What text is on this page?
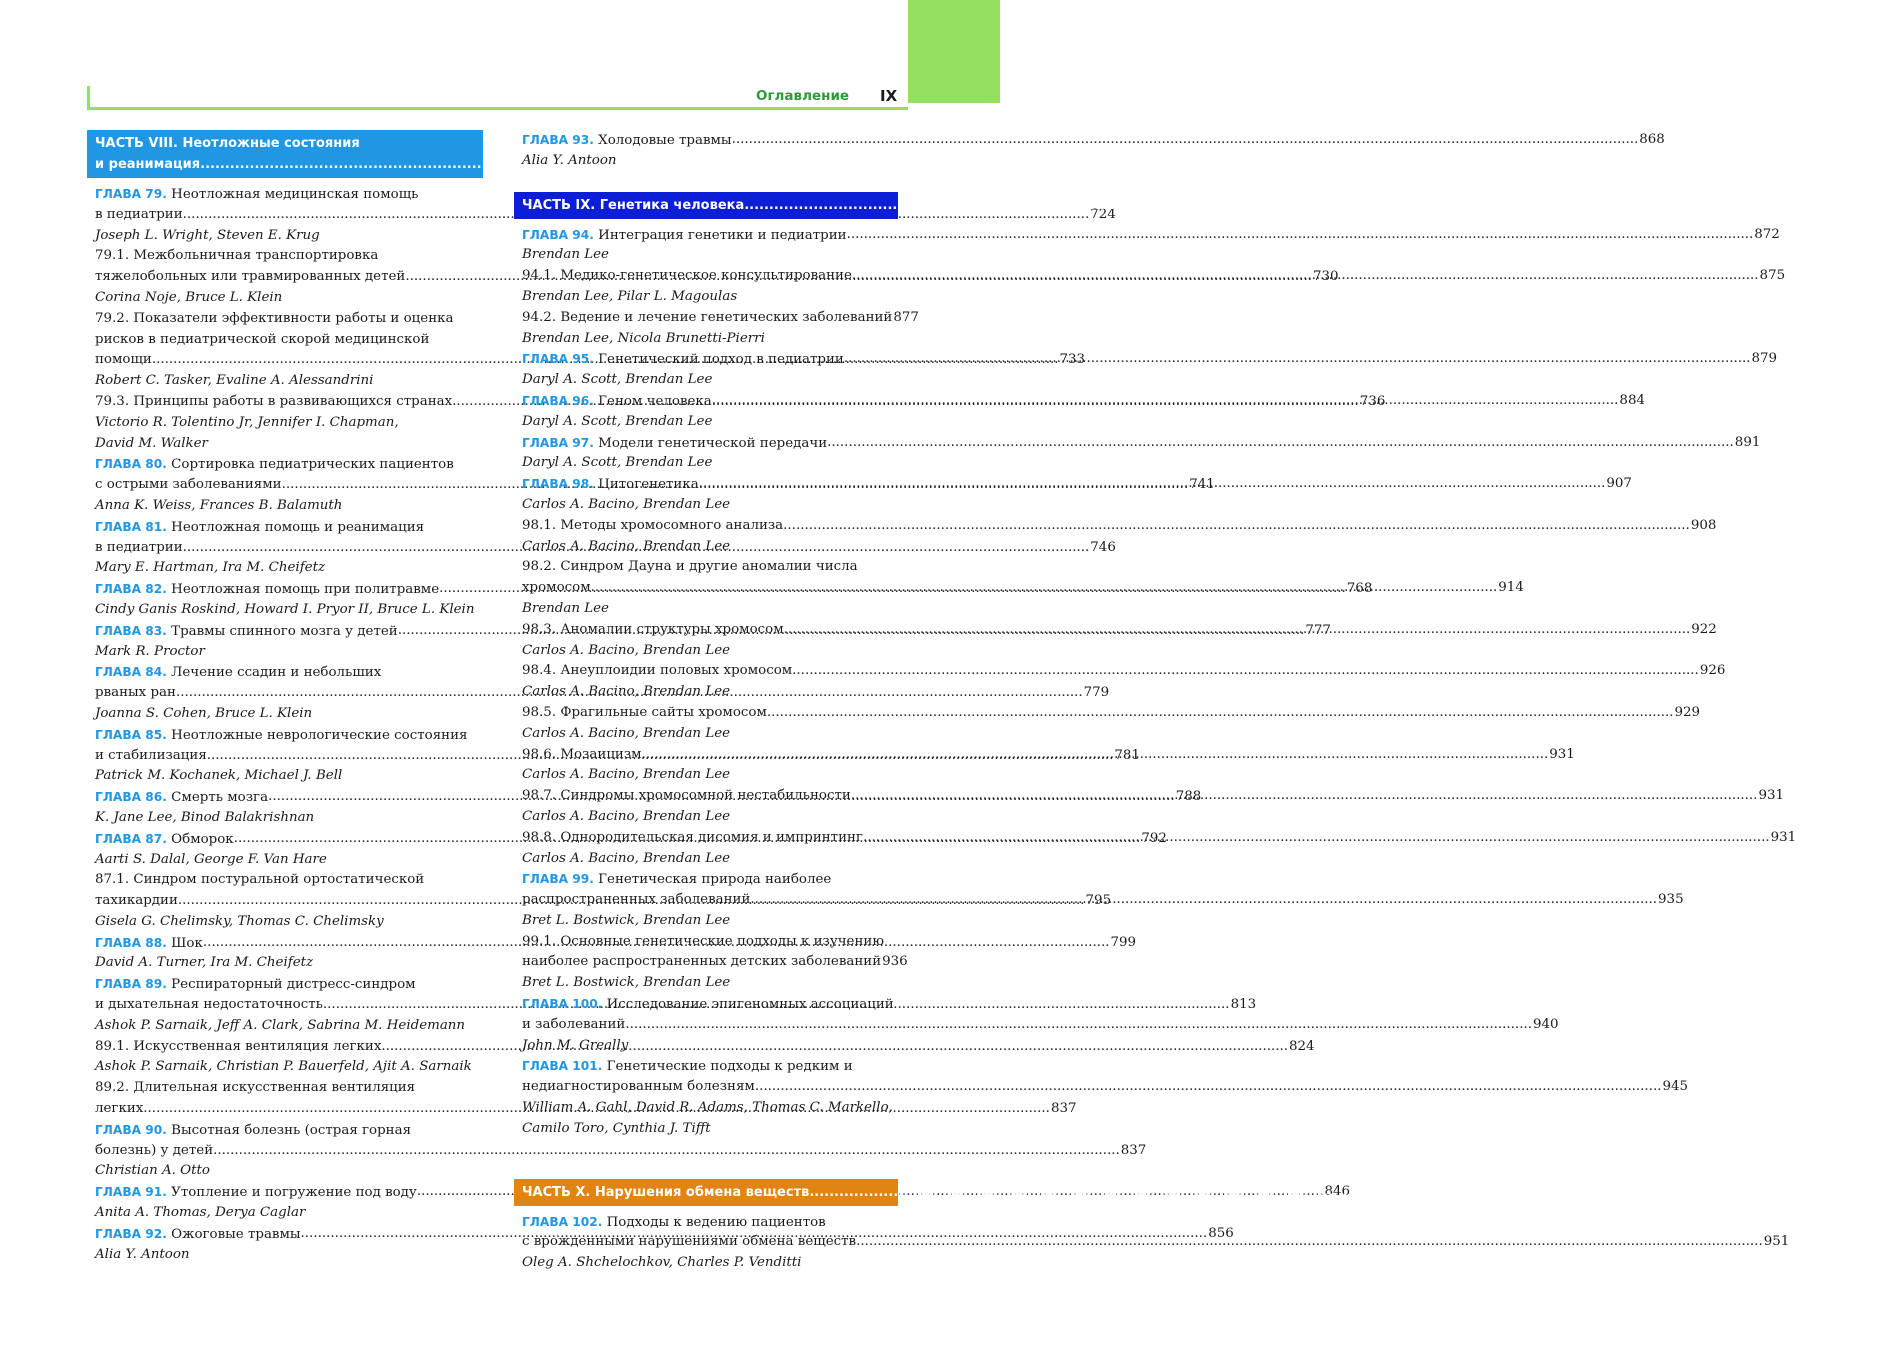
Оглавление IX
ЧАСТЬ VIII. Неотложные состояния
и реанимация .....	724
ГЛАВА 79. Неотложная медицинская помощь
в педиатрии .....	724
Joseph L. Wright, Steven E. Krug
79.1. Межбольничная транспортировка
тяжелобольных или травмированных детей .....	730
Corina Noje, Bruce L. Klein
79.2. Показатели эффективности работы и оценка
рисков в педиатрической скорой медицинской
помощи .....	733
Robert C. Tasker, Evaline A. Alessandrini
79.3. Принципы работы в развивающихся странах .....	736
Victorio R. Tolentino Jr, Jennifer I. Chapman,
David M. Walker
ГЛАВА 80. Сортировка педиатрических пациентов
с острыми заболеваниями .....	741
Anna K. Weiss, Frances B. Balamuth
ГЛАВА 81. Неотложная помощь и реанимация
в педиатрии .....	746
Mary E. Hartman, Ira M. Cheifetz
ГЛАВА 82. Неотложная помощь при политравме .....	768
Cindy Ganis Roskind, Howard I. Pryor II, Bruce L. Klein
ГЛАВА 83. Травмы спинного мозга у детей .....	777
Mark R. Proctor
ГЛАВА 84. Лечение ссадин и небольших
рваных ран .....	779
Joanna S. Cohen, Bruce L. Klein
ГЛАВА 85. Неотложные неврологические состояния
и стабилизация .....	781
Patrick M. Kochanek, Michael J. Bell
ГЛАВА 86. Смерть мозга .....	788
K. Jane Lee, Binod Balakrishnan
ГЛАВА 87. Обморок .....	792
Aarti S. Dalal, George F. Van Hare
87.1. Синдром постуральной ортостатической
тахикардии .....	795
Gisela G. Chelimsky, Thomas C. Chelimsky
ГЛАВА 88. Шок .....	799
David A. Turner, Ira M. Cheifetz
ГЛАВА 89. Респираторный дистресс-синдром
и дыхательная недостаточность .....	813
Ashok P. Sarnaik, Jeff A. Clark, Sabrina M. Heidemann
89.1. Искусственная вентиляция легких .....	824
Ashok P. Sarnaik, Christian P. Bauerfeld, Ajit A. Sarnaik
89.2. Длительная искусственная вентиляция
легких .....	837
ГЛАВА 90. Высотная болезнь (острая горная
болезнь) у детей .....	837
Christian A. Otto
ГЛАВА 91. Утопление и погружение под воду .....	846
Anita A. Thomas, Derya Caglar
ГЛАВА 92. Ожоговые травмы .....	856
Alia Y. Antoon
ГЛАВА 93. Холодовые травмы .....	868
Alia Y. Antoon
ЧАСТЬ IX. Генетика человека .....	872
ГЛАВА 94. Интеграция генетики и педиатрии .....	872
Brendan Lee
94.1. Медико-генетическое консультирование .....	875
Brendan Lee, Pilar L. Magoulas
94.2. Ведение и лечение генетических заболеваний 877
Brendan Lee, Nicola Brunetti-Pierri
ГЛАВА 95. Генетический подход в педиатрии .....	879
Daryl A. Scott, Brendan Lee
ГЛАВА 96. Геном человека .....	884
Daryl A. Scott, Brendan Lee
ГЛАВА 97. Модели генетической передачи .....	891
Daryl A. Scott, Brendan Lee
ГЛАВА 98. Цитогенетика .....	907
Carlos A. Bacino, Brendan Lee
98.1. Методы хромосомного анализа .....	908
Carlos A. Bacino, Brendan Lee
98.2. Синдром Дауна и другие аномалии числа
хромосом .....	914
Brendan Lee
98.3. Аномалии структуры хромосом .....	922
Carlos A. Bacino, Brendan Lee
98.4. Анеуплоидии половых хромосом .....	926
Carlos A. Bacino, Brendan Lee
98.5. Фрагильные сайты хромосом .....	929
Carlos A. Bacino, Brendan Lee
98.6. Мозаицизм .....	931
Carlos A. Bacino, Brendan Lee
98.7. Синдромы хромосомной нестабильности .....	931
Carlos A. Bacino, Brendan Lee
98.8. Однородительская дисомия и импринтинг .....	931
Carlos A. Bacino, Brendan Lee
ГЛАВА 99. Генетическая природа наиболее
распространенных заболеваний .....	935
Bret L. Bostwick, Brendan Lee
99.1. Основные генетические подходы к изучению
наиболее распространенных детских заболеваний 936
Bret L. Bostwick, Brendan Lee
ГЛАВА 100. Исследование эпигеномных ассоциаций
и заболеваний .....	940
John M. Greally
ГЛАВА 101. Генетические подходы к редким и
недиагностированным болезням .....	945
William A. Gahl, David R. Adams, Thomas C. Markello,
Camilo Toro, Cynthia J. Tifft
ЧАСТЬ X. Нарушения обмена веществ .....	951
ГЛАВА 102. Подходы к ведению пациентов
с врожденными нарушениями обмена веществ .....	951
Oleg A. Shchelochkov, Charles P. Venditti
